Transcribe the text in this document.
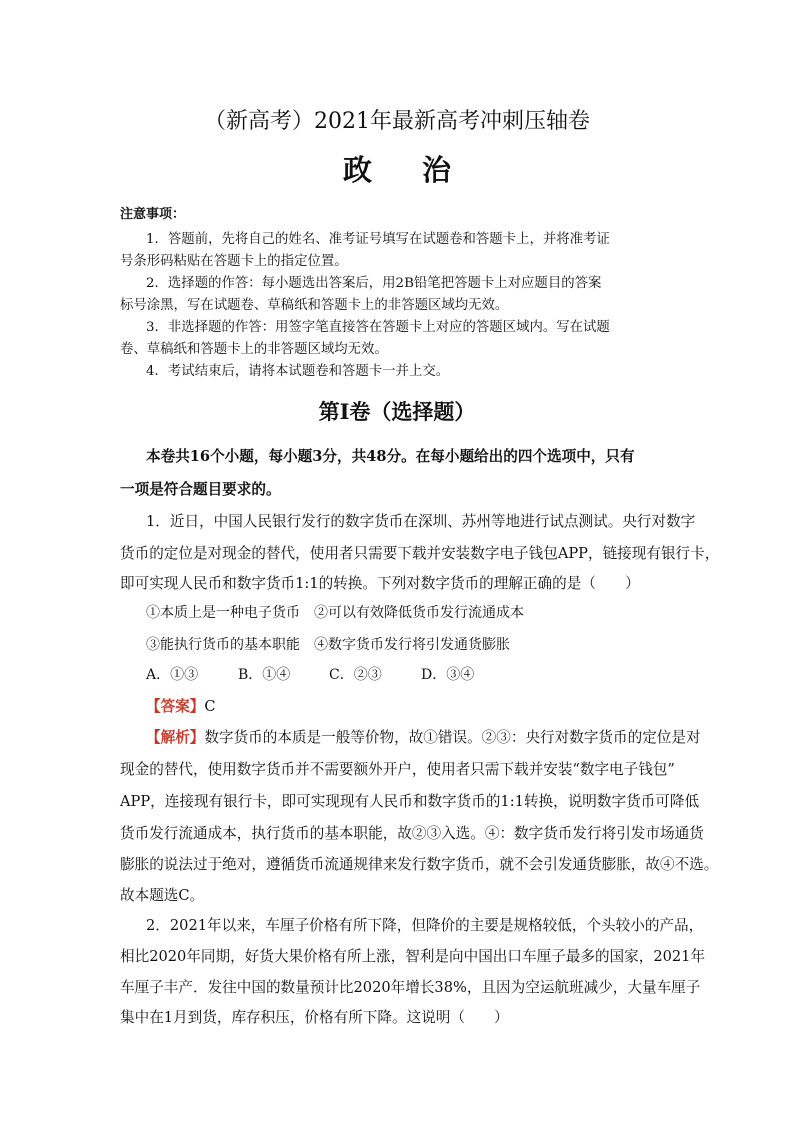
（新高考）2021年最新高考冲刺压轴卷
政治
注意事项：
1．答题前，先将自己的姓名、准考证号填写在试题卷和答题卡上，并将准考证
号条形码粘贴在答题卡上的指定位置。
2．选择题的作答：每小题选出答案后，用2B铅笔把答题卡上对应题目的答案
标号涂黑，写在试题卷、草稿纸和答题卡上的非答题区域均无效。
3．非选择题的作答：用签字笔直接答在答题卡上对应的答题区域内。写在试题
卷、草稿纸和答题卡上的非答题区域均无效。
4．考试结束后，请将本试题卷和答题卡一并上交。
第Ⅰ卷（选择题）
本卷共16个小题，每小题3分，共48分。在每小题给出的四个选项中，只有
一项是符合题目要求的。
1．近日，中国人民银行发行的数字货币在深圳、苏州等地进行试点测试。央行对数字
货币的定位是对现金的替代，使用者只需要下载并安装数字电子钱包APP，链接现有银行卡，
即可实现人民币和数字货币1:1的转换。下列对数字货币的理解正确的是（　　）
①本质上是一种电子货币　②可以有效降低货币发行流通成本
③能执行货币的基本职能　④数字货币发行将引发通货膨胀
A．①③	B．①④	C．②③	D．③④
【答案】C
【解析】数字货币的本质是一般等价物，故①错误。②③：央行对数字货币的定位是对
现金的替代，使用数字货币并不需要额外开户，使用者只需下载并安装“数字电子钱包”
APP，连接现有银行卡，即可实现现有人民币和数字货币的1:1转换，说明数字货币可降低
货币发行流通成本，执行货币的基本职能，故②③入选。④：数字货币发行将引发市场通货
膨胀的说法过于绝对，遵循货币流通规律来发行数字货币，就不会引发通货膨胀，故④不选。
故本题选C。
2．2021年以来，车厘子价格有所下降，但降价的主要是规格较低，个头较小的产品，
相比2020年同期，好货大果价格有所上涨，智利是向中国出口车厘子最多的国家，2021年
车厘子丰产．发往中国的数量预计比2020年增长38%，且因为空运航班减少，大量车厘子
集中在1月到货，库存积压，价格有所下降。这说明（　　）
